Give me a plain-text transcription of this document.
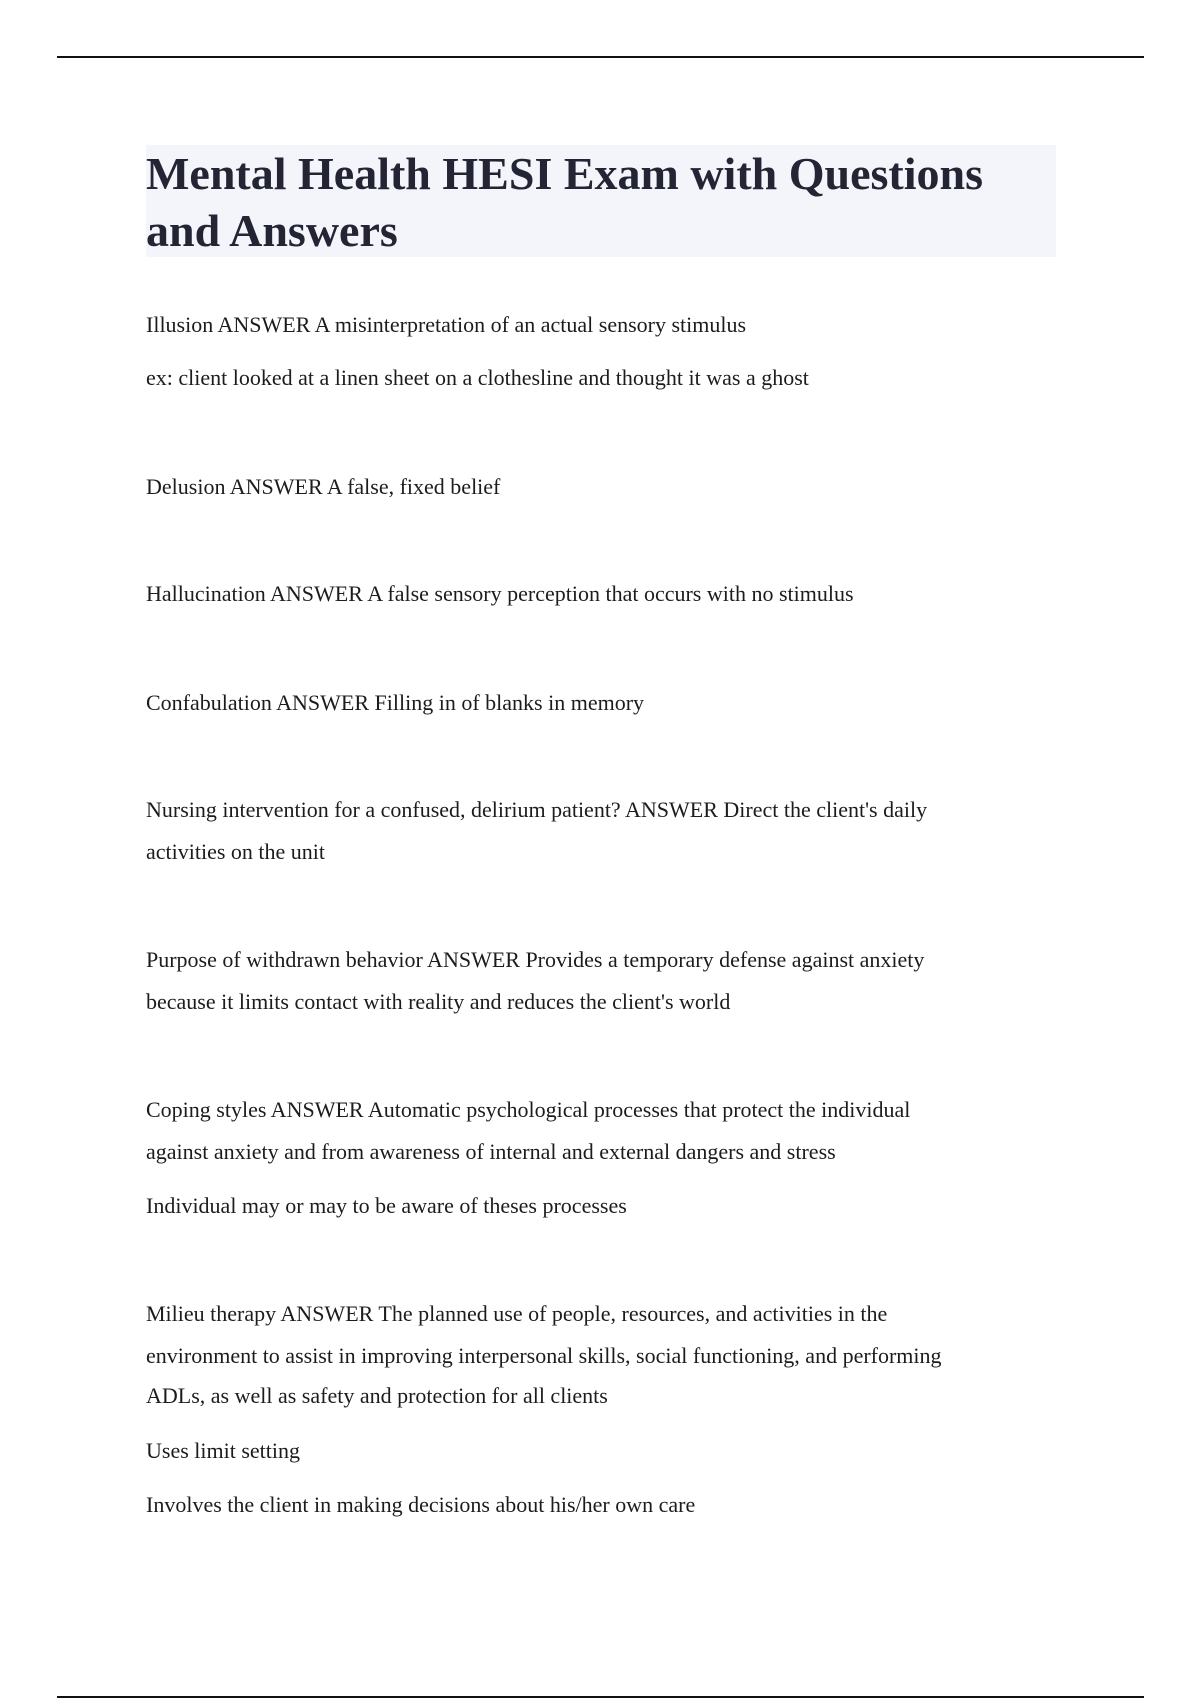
Mental Health HESI Exam with Questions
and Answers

Illusion ANSWER A misinterpretation of an actual sensory stimulus

ex: client looked at a linen sheet on a clothesline and thought it was a ghost

Delusion ANSWER A false, fixed belief

Hallucination ANSWER A false sensory perception that occurs with no stimulus

Confabulation ANSWER Filling in of blanks in memory

Nursing intervention for a confused, delirium patient? ANSWER Direct the client's daily

activities on the unit

Purpose of withdrawn behavior ANSWER Provides a temporary defense against anxiety

because it limits contact with reality and reduces the client's world

Coping styles ANSWER Automatic psychological processes that protect the individual

against anxiety and from awareness of internal and external dangers and stress

Individual may or may to be aware of theses processes

Milieu therapy ANSWER The planned use of people, resources, and activities in the

environment to assist in improving interpersonal skills, social functioning, and performing

ADLs, as well as safety and protection for all clients

Uses limit setting

Involves the client in making decisions about his/her own care
